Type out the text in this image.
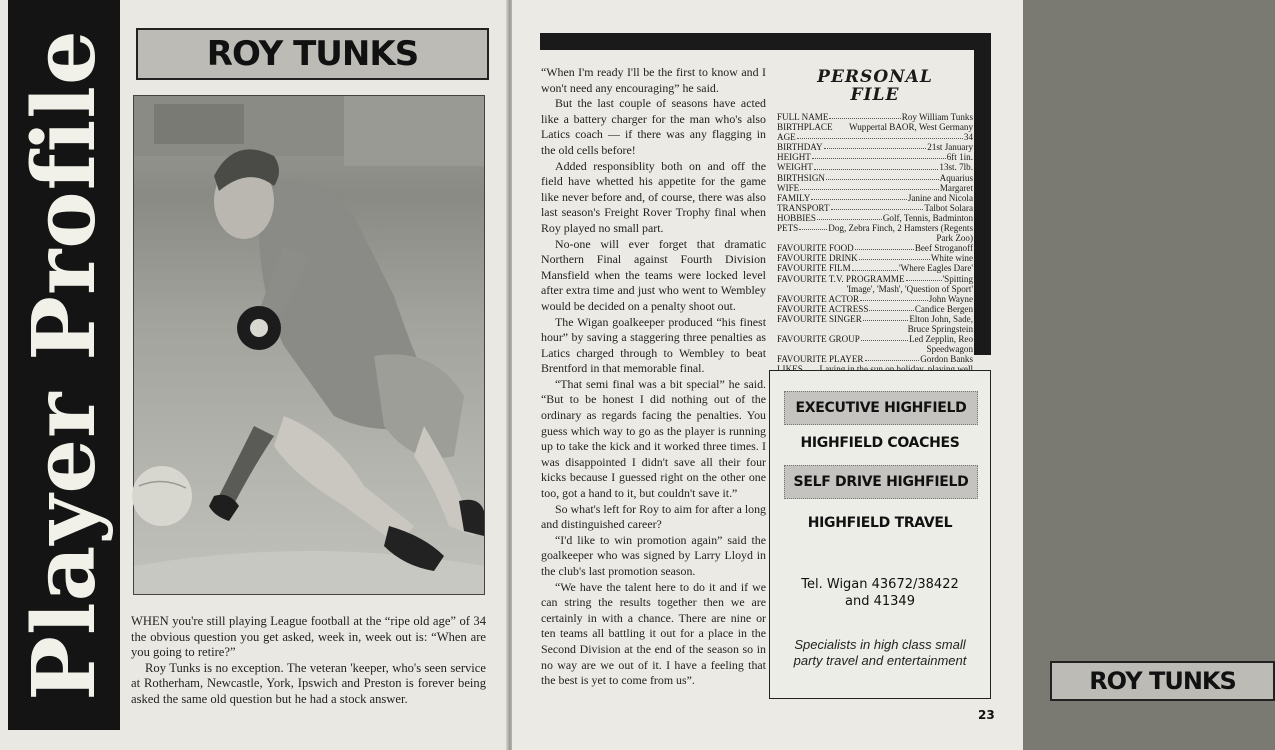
Player Profile	ROY TUNKS

WHEN you're still playing League football at the “ripe old age” of 34 the obvious question you get asked, week in, week out is: “When are you going to retire?”

Roy Tunks is no exception. The veteran 'keeper, who's seen service at Rotherham, Newcastle, York, Ipswich and Preston is forever being asked the same old question but he had a stock answer.

“When I'm ready I'll be the first to know and I won't need any encouraging” he said.

But the last couple of seasons have acted like a battery charger for the man who's also Latics coach — if there was any flagging in the old cells before!

Added responsiblity both on and off the field have whetted his appetite for the game like never before and, of course, there was also last season's Freight Rover Trophy final when Roy played no small part.

No-one will ever forget that dramatic Northern Final against Fourth Division Mansfield when the teams were locked level after extra time and just who went to Wembley would be decided on a penalty shoot out.

The Wigan goalkeeper produced “his finest hour” by saving a staggering three penalties as Latics charged through to Wembley to beat Brentford in that memorable final.

“That semi final was a bit special” he said. “But to be honest I did nothing out of the ordinary as regards facing the penalties. You guess which way to go as the player is running up to take the kick and it worked three times. I was disappointed I didn't save all their four kicks because I guessed right on the other one too, got a hand to it, but couldn't save it.”

So what's left for Roy to aim for after a long and distinguished career?

“I'd like to win promotion again” said the goalkeeper who was signed by Larry Lloyd in the club's last promotion season.

“We have the talent here to do it and if we can string the results together then we are certainly in with a chance. There are nine or ten teams all battling it out for a place in the Second Division at the end of the season so in no way are we out of it. I have a feeling that the best is yet to come from us”.

PERSONAL
FILE
FULL NAME	Roy William Tunks
BIRTHPLACE Wuppertal BAOR, West Germany
AGE	34
BIRTHDAY	21st January
HEIGHT	6ft 1in.
WEIGHT	13st. 7lb.
BIRTHSIGN	Aquarius
WIFE	Margaret
FAMILY	Janine and Nicola
TRANSPORT	Talbot Solara
HOBBIES	Golf, Tennis, Badminton
PETS	Dog, Zebra Finch, 2 Hamsters (Regents
Park Zoo)
FAVOURITE FOOD	Beef Stroganoff
FAVOURITE DRINK	White wine
FAVOURITE FILM	'Where Eagles Dare'
FAVOURITE T.V. PROGRAMME	'Spitting
'Image', 'Mash', 'Question of Sport'
FAVOURITE ACTOR	John Wayne
FAVOURITE ACTRESS	Candice Bergen
FAVOURITE SINGER	Elton John, Sade,
Bruce Springstein
FAVOURITE GROUP	Led Zepplin, Reo
Speedwagon
FAVOURITE PLAYER	Gordon Banks
EXECUTIVE HIGHFIELD
HIGHFIELD COACHES
SELF DRIVE HIGHFIELD
HIGHFIELD TRAVEL
Tel. Wigan 43672/38422
and 41349
Specialists in high class small
party travel and entertainment
ROY TUNKS
23
